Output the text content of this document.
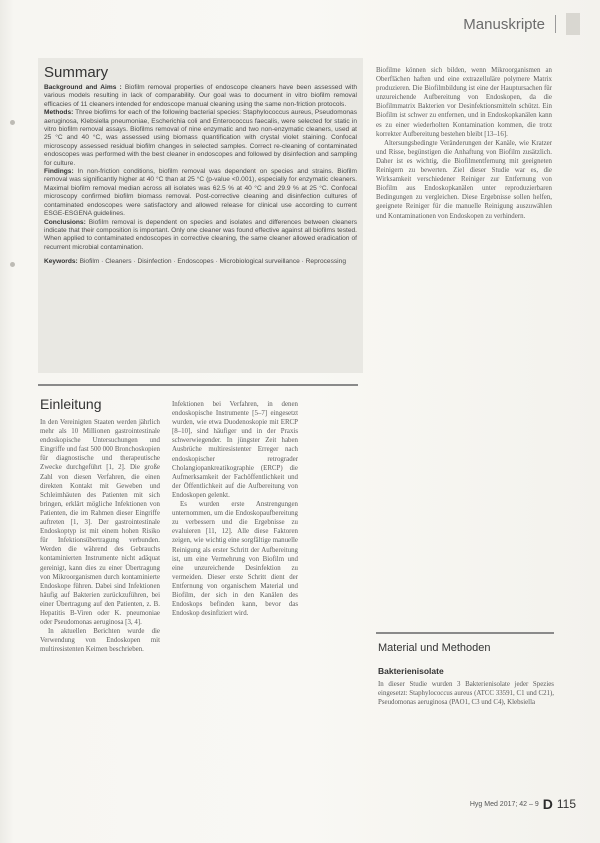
Manuskripte
Summary

Background and Aims : Biofilm removal properties of endoscope cleaners have been assessed with various models resulting in lack of comparability. Our goal was to document in vitro biofilm removal efficacies of 11 cleaners intended for endoscope manual cleaning using the same non-friction protocols.

Methods: Three biofilms for each of the following bacterial species: Staphylococcus aureus, Pseudomonas aeruginosa, Klebsiella pneumoniae, Escherichia coli and Enterococcus faecalis, were selected for static in vitro biofilm removal assays. Biofilms removal of nine enzymatic and two non-enzymatic cleaners, used at 25 °C and 40 °C, was assessed using biomass quantification with crystal violet staining. Confocal microscopy assessed residual biofilm changes in selected samples. Correct re-cleaning of contaminated endoscopes was performed with the best cleaner in endoscopes and followed by disinfection and sampling for culture.

Findings: In non-friction conditions, biofilm removal was dependent on species and strains. Biofilm removal was significantly higher at 40 °C than at 25 °C (p-value <0.001), especially for enzymatic cleaners. Maximal biofilm removal median across all isolates was 62.5 % at 40 °C and 29.9 % at 25 °C. Confocal microscopy confirmed biofilm biomass removal. Post-corrective cleaning and disinfection cultures of contaminated endoscopes were satisfactory and allowed release for clinical use according to current ESGE-ESGENA guidelines.

Conclusions: Biofilm removal is dependent on species and isolates and differences between cleaners indicate that their composition is important. Only one cleaner was found effective against all biofilms tested. When applied to contaminated endoscopes in corrective cleaning, the same cleaner allowed eradication of recurrent microbial contamination.

Keywords: Biofilm · Cleaners · Disinfection · Endoscopes · Microbiological surveillance · Reprocessing

Einleitung

In den Vereinigten Staaten werden jährlich mehr als 10 Millionen gastrointestinale endoskopische Untersuchungen und Eingriffe und fast 500 000 Bronchoskopien für diagnostische und therapeutische Zwecke durchgeführt [1, 2]. Die große Zahl von diesen Verfahren, die einen direkten Kontakt mit Geweben und Schleimhäuten des Patienten mit sich bringen, erklärt mögliche Infektionen von Patienten, die im Rahmen dieser Eingriffe auftreten [1, 3]. Der gastrointestinale Endoskoptyp ist mit einem hohen Risiko für Infektionsübertragung verbunden. Werden die während des Gebrauchs kontaminierten Instrumente nicht adäquat gereinigt, kann dies zu einer Übertragung von Mikroorganismen durch kontaminierte Endoskope führen. Dabei sind Infektionen häufig auf Bakterien zurückzuführen, bei einer Übertragung auf den Patienten, z. B. Hepatitis B-Viren oder K. pneumoniae oder Pseudomonas aeruginosa [3, 4].

In aktuellen Berichten wurde die Verwendung von Endoskopen mit multiresistenten Keimen beschrieben.

Infektionen bei Verfahren, in denen endoskopische Instrumente [5–7] eingesetzt wurden, wie etwa Duodenoskopie mit ERCP [8–10], sind häufiger und in der Praxis schwerwiegender. In jüngster Zeit haben Ausbrüche multiresistenter Erreger nach endoskopischer retrograder Cholangiopankreatikographie (ERCP) die Aufmerksamkeit der Fachöffentlichkeit und der Öffentlichkeit auf die Aufbereitung von Endoskopen gelenkt.

Es wurden erste Anstrengungen unternommen, um die Endoskopaufbereitung zu verbessern und die Ergebnisse zu evaluieren [11, 12]. Alle diese Faktoren zeigen, wie wichtig eine sorgfältige manuelle Reinigung als erster Schritt der Aufbereitung ist, um eine Vermehrung von Biofilm und eine unzureichende Desinfektion zu vermeiden. Dieser erste Schritt dient der Entfernung von organischem Material und Biofilm, der sich in den Kanälen des Endoskops befinden kann, bevor das Endoskop desinfiziert wird.

Biofilme können sich bilden, wenn Mikroorganismen an Oberflächen haften und eine extrazelluläre polymere Matrix produzieren. Die Biofilmbildung ist eine der Hauptursachen für unzureichende Aufbereitung von Endoskopen, da die Biofilmmatrix Bakterien vor Desinfektionsmitteln schützt. Ein Biofilm ist schwer zu entfernen, und in Endoskopkanälen kann es zu einer wiederholten Kontamination kommen, die trotz korrekter Aufbereitung bestehen bleibt [13–16].

Altersungsbedingte Veränderungen der Kanäle, wie Kratzer und Risse, begünstigen die Anhaftung von Biofilm zusätzlich. Daher ist es wichtig, die Biofilmentfernung mit geeigneten Reinigern zu bewerten. Ziel dieser Studie war es, die Wirksamkeit verschiedener Reiniger zur Entfernung von Biofilm aus Endoskopkanälen unter reproduzierbaren Bedingungen zu vergleichen. Diese Ergebnisse sollen helfen, geeignete Reiniger für die manuelle Reinigung auszuwählen und Kontaminationen von Endoskopen zu verhindern.

Material und Methoden
Bakterienisolate

In dieser Studie wurden 3 Bakterienisolate jeder Spezies eingesetzt: Staphylococcus aureus (ATCC 33591, C1 und C21), Pseudomonas aeruginosa (PAO1, C3 und C4), Klebsiella

Hyg Med 2017; 42 – 9 D 115
